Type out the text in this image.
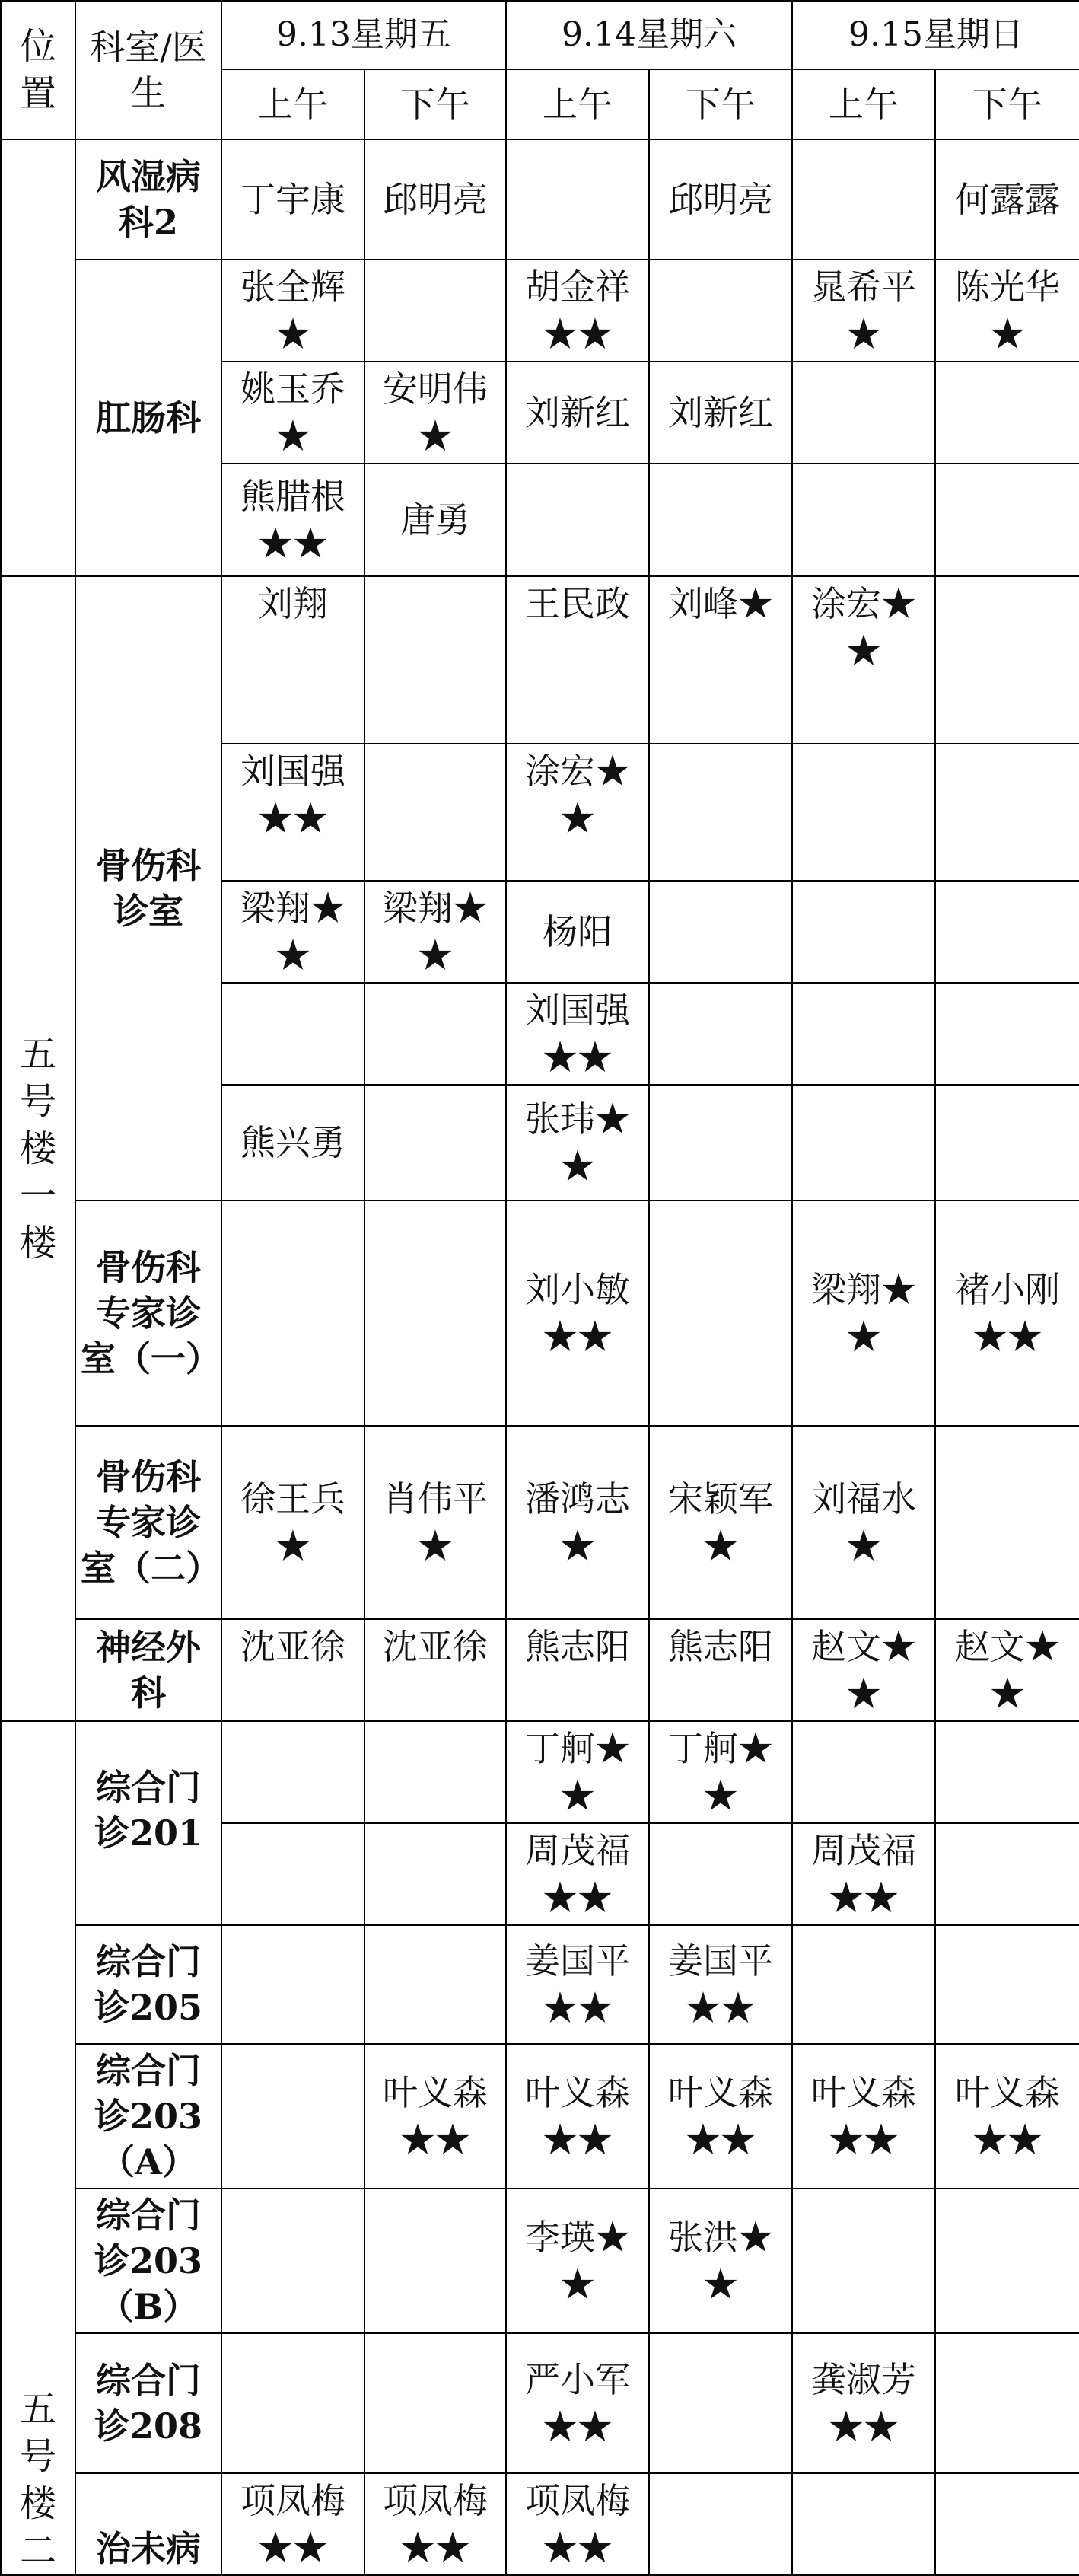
位置	科室/医生	9.13星期五		9.14星期六		9.15星期日	
		上午	下午	上午	下午	上午	下午
	风湿病科2	丁宇康	邱明亮		邱明亮		何露露
	肛肠科	张全辉★		胡金祥★★		晁希平★	陈光华★
		姚玉乔★	安明伟★	刘新红	刘新红		
		熊腊根★★	唐勇				
五号楼一楼	骨伤科诊室	刘翔		王民政	刘峰★	涂宏★★	
		刘国强★★		涂宏★★			
		梁翔★★	梁翔★★	杨阳			
				刘国强★★			
		熊兴勇		张玮★★			
	骨伤科专家诊室（一）			刘小敏★★		梁翔★★	褚小刚★★
	骨伤科专家诊室（二）	徐王兵★	肖伟平★	潘鸿志★	宋颖军★	刘福水★	
	神经外科	沈亚徐	沈亚徐	熊志阳	熊志阳	赵文★★	赵文★★
五号楼二	综合门诊201			丁舸★★	丁舸★★		
				周茂福★★		周茂福★★	
	综合门诊205			姜国平★★	姜国平★★		
	综合门诊203（A）		叶义森★★	叶义森★★	叶义森★★	叶义森★★	叶义森★★
	综合门诊203（B）			李瑛★★	张洪★★		
	综合门诊208			严小军★★		龚淑芳★★	
	治未病	项凤梅★★	项凤梅★★	项凤梅★★			
